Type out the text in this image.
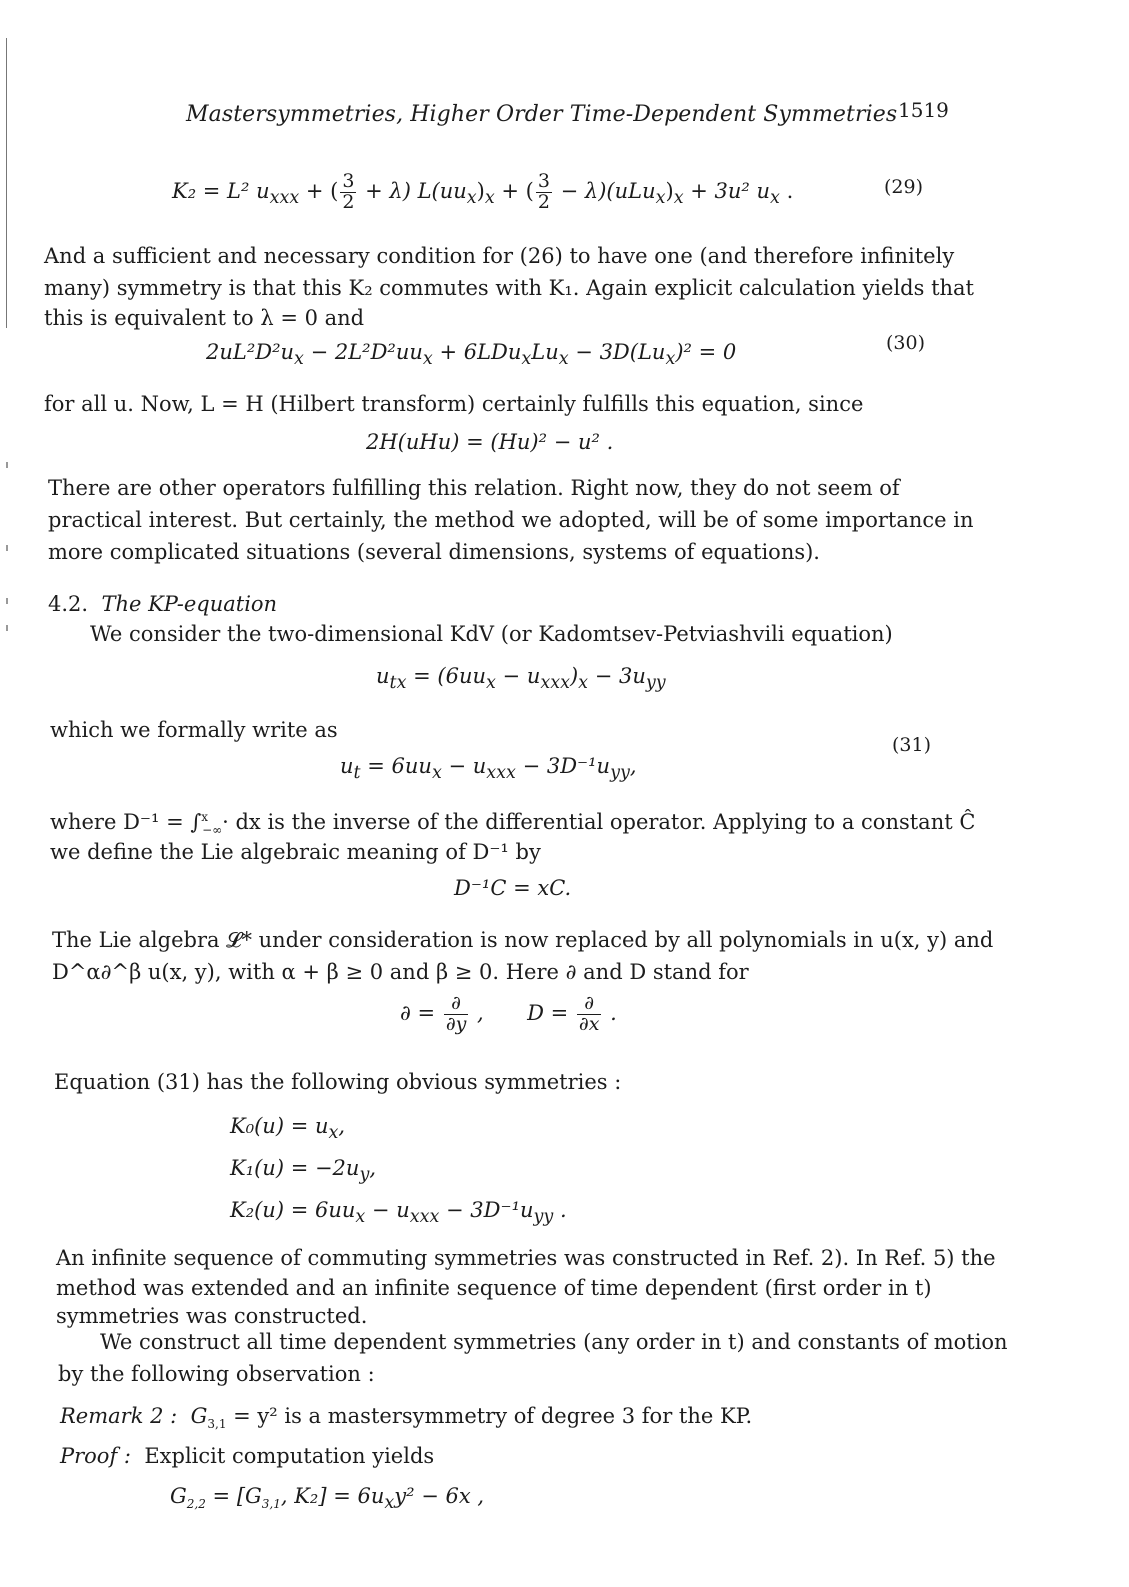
Mastersymmetries, Higher Order Time-Dependent Symmetries 1519
K₂ = L² $u_{xxx}$ + ( $\frac{3}{2} + \lambda$) $L(uu_x)_x$ + ( $\frac{3}{2} - \lambda)(uLu_x)_x + 3u^2$ $u_x$ .	(29)
And a sufficient and necessary condition for (26) to have one (and therefore infinitely
many) symmetry is that this K₂ commutes with K₁. Again explicit calculation yields that
this is equivalent to λ = 0 and
$2uL^2D^2u_x - 2L^2D^2uu_x + 6LDu_xLu_x - 3D(Lu_x)^2 = 0$	(30)
for all u. Now, L = H (Hilbert transform) certainly fulfills this equation, since
2H(uHu) = (Hu)² − u² .
There are other operators fulfilling this relation. Right now, they do not seem of
practical interest. But certainly, the method we adopted, will be of some importance in
more complicated situations (several dimensions, systems of equations).
4.2. The KP-equation
We consider the two-dimensional KdV (or Kadomtsev-Petviashvili equation)
$u_{tx} = (6uu_x - u_{xxx})_x - 3u_{yy}$
which we formally write as
$u_t = 6uu_x - u_{xxx} - 3D^{-1}u_{yy}$,
(31)
where D⁻¹ = ∫$^x_{-\infty}$· dx is the inverse of the differential operator. Applying to a constant Ĉ
we define the Lie algebraic meaning of D⁻¹ by
D⁻¹C = xC.
The Lie algebra 𝓛* under consideration is now replaced by all polynomials in u(x, y) and
D^α∂^β u(x, y), with α + β ≥ 0 and β ≥ 0. Here ∂ and D stand for
∂ = $\frac{\partial}{\partial y}$ , $D = \frac{\partial}{\partial x}$ .
Equation (31) has the following obvious symmetries :
$K_0(u) = u_x$,
$K_1(u) = -2u_y$,
$K_2(u) = 6uu_x - u_{xxx} - 3D^{-1}u_{yy}$ .
An infinite sequence of commuting symmetries was constructed in Ref. 2). In Ref. 5) the
method was extended and an infinite sequence of time dependent (first order in t)
symmetries was constructed.
We construct all time dependent symmetries (any order in t) and constants of motion
by the following observation :
Remark 2 : $G_{3,1} = y^2$ is a mastersymmetry of degree 3 for the KP.
Proof : Explicit computation yields
$G_{2,2} = [G_{3,1}$, $K_2] = 6u_xy^2 - 6x$ ,
